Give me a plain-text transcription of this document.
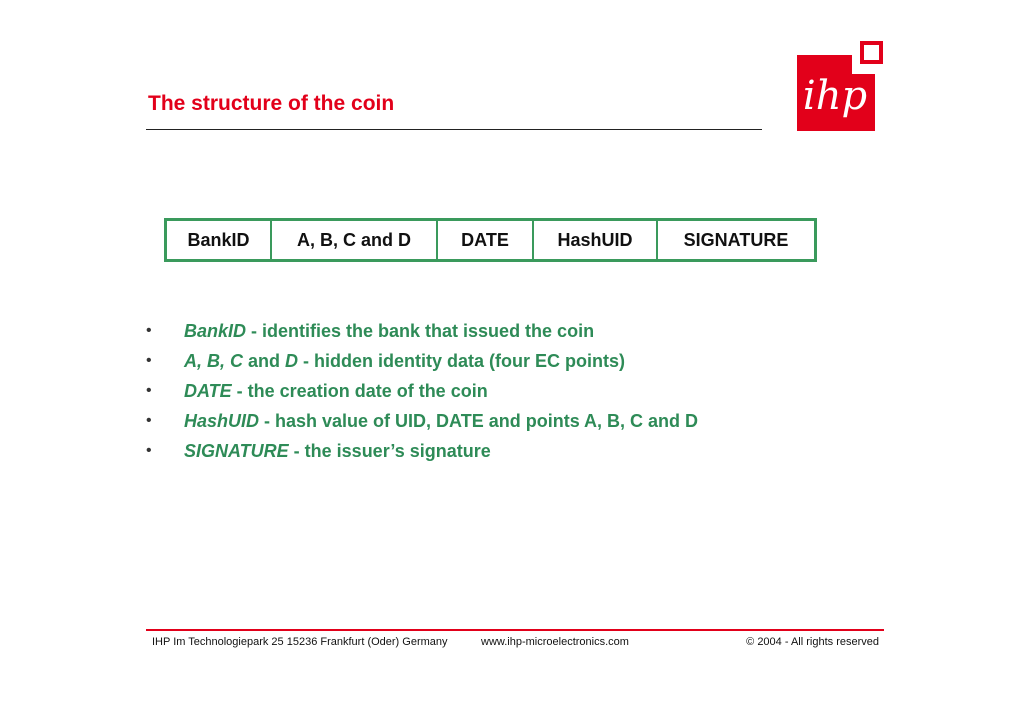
The structure of the coin	ihp
BankID	A, B, C and D	DATE	HashUID	SIGNATURE
• BankID - identifies the bank that issued the coin
• A, B, C and D - hidden identity data (four EC points)
• DATE - the creation date of the coin
• HashUID - hash value of UID, DATE and points A, B, C and D
• SIGNATURE - the issuer’s signature
IHP Im Technologiepark 25 15236 Frankfurt (Oder) Germany	www.ihp-microelectronics.com	© 2004 - All rights reserved
